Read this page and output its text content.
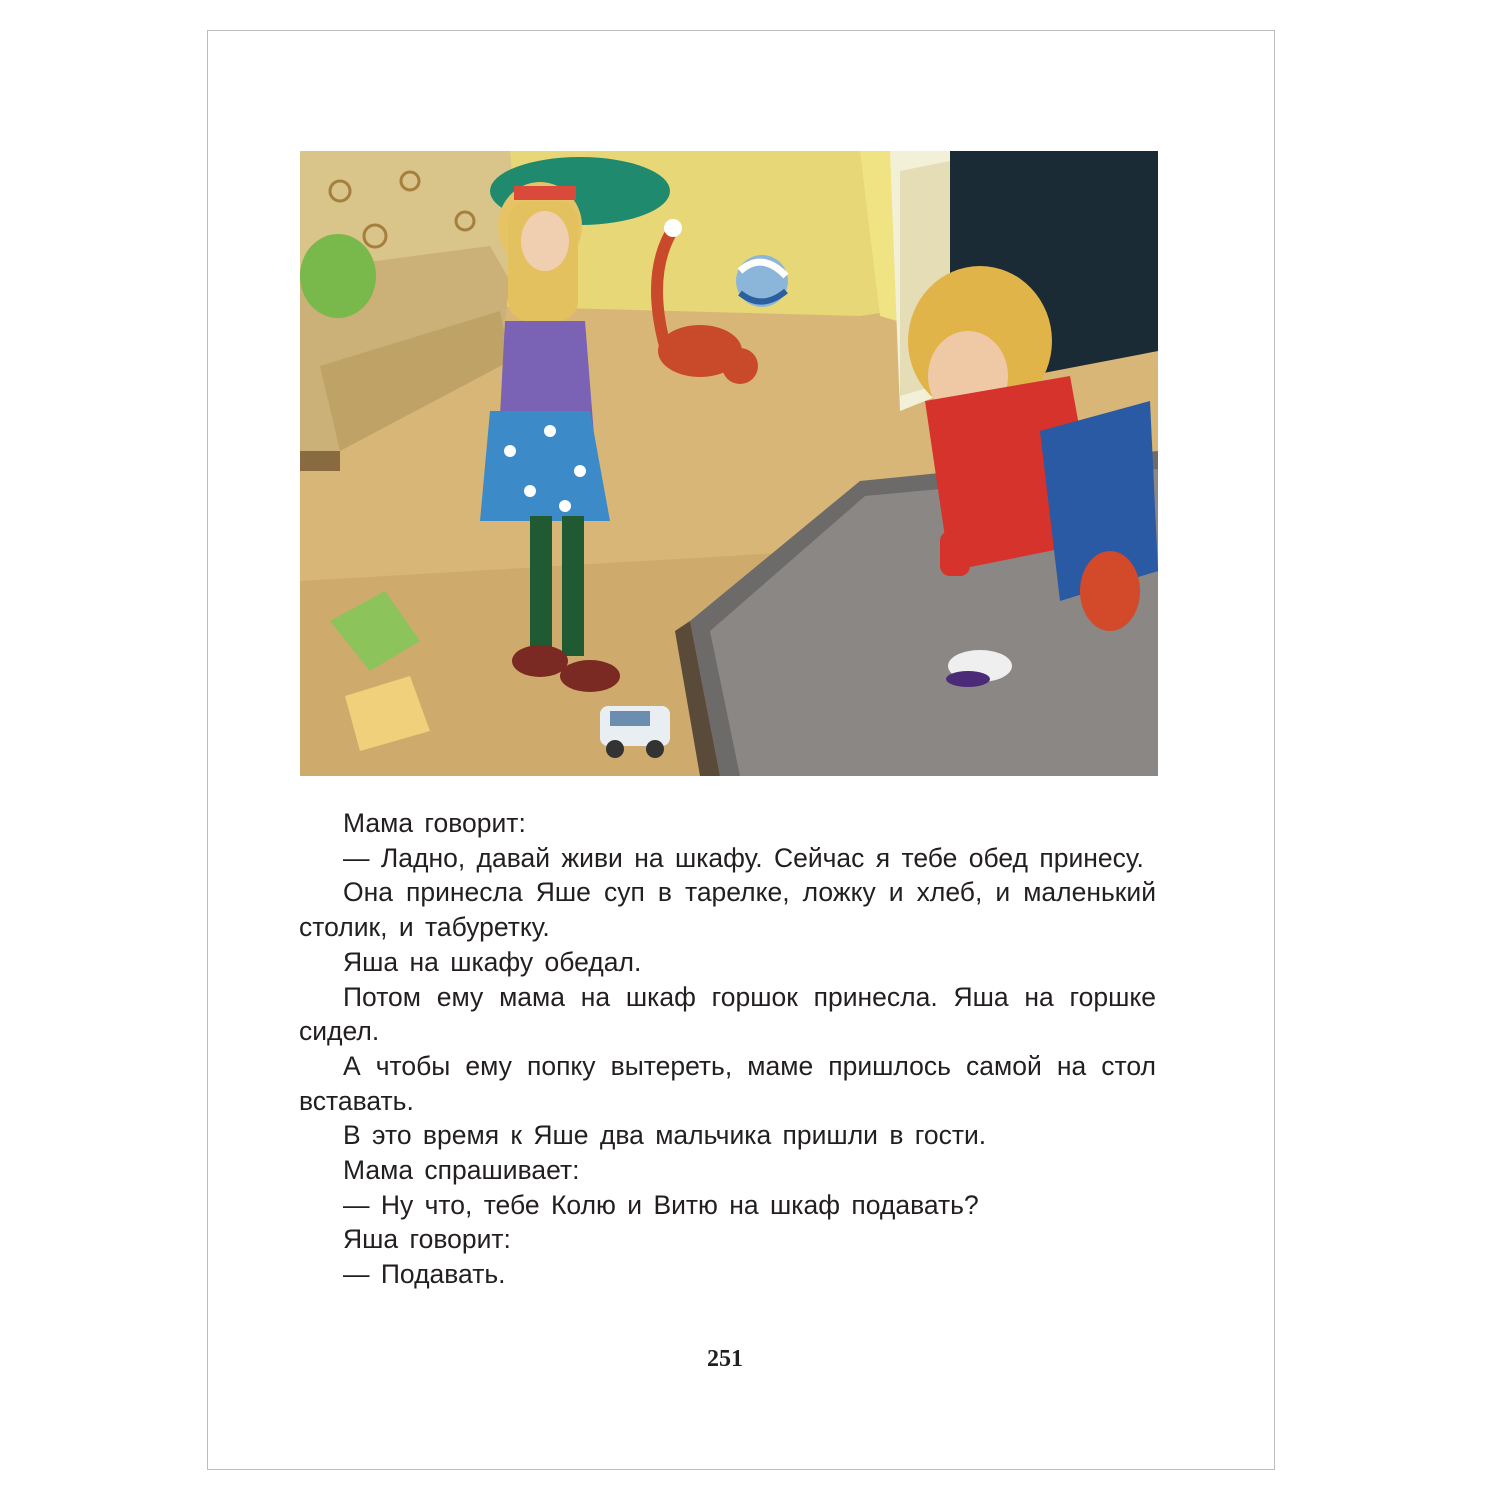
Мама говорит:

— Ладно, давай живи на шкафу. Сейчас я тебе обед принесу.

Она принесла Яше суп в тарелке, ложку и хлеб, и маленький столик, и табуретку.

Яша на шкафу обедал.

Потом ему мама на шкаф горшок принесла. Яша на горшке сидел.

А чтобы ему попку вытереть, маме пришлось самой на стол вставать.

В это время к Яше два мальчика пришли в гости.

Мама спрашивает:

— Ну что, тебе Колю и Витю на шкаф подавать?

Яша говорит:

— Подавать.

251
